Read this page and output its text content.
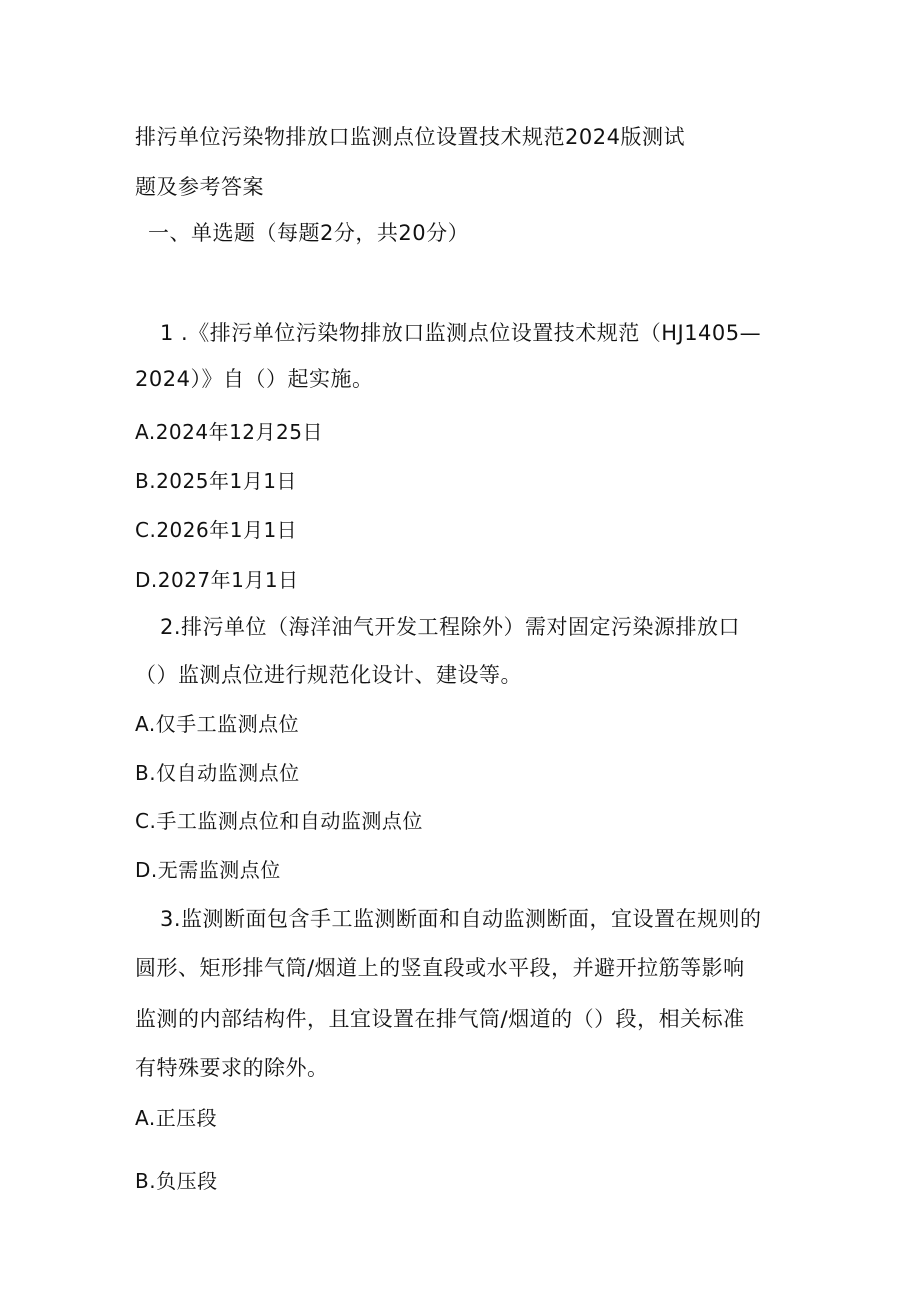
排污单位污染物排放口监测点位设置技术规范2024版测试
题及参考答案
一、单选题（每题2分，共20分）
1 .《排污单位污染物排放口监测点位设置技术规范（HJ1405—
2024）》自（）起实施。
A.2024年12月25日
B.2025年1月1日
C.2026年1月1日
D.2027年1月1日
2.排污单位（海洋油气开发工程除外）需对固定污染源排放口
（）监测点位进行规范化设计、建设等。
A.仅手工监测点位
B.仅自动监测点位
C.手工监测点位和自动监测点位
D.无需监测点位
3.监测断面包含手工监测断面和自动监测断面，宜设置在规则的
圆形、矩形排气筒/烟道上的竖直段或水平段，并避开拉筋等影响
监测的内部结构件，且宜设置在排气筒/烟道的（）段，相关标准
有特殊要求的除外。
A.正压段
B.负压段
